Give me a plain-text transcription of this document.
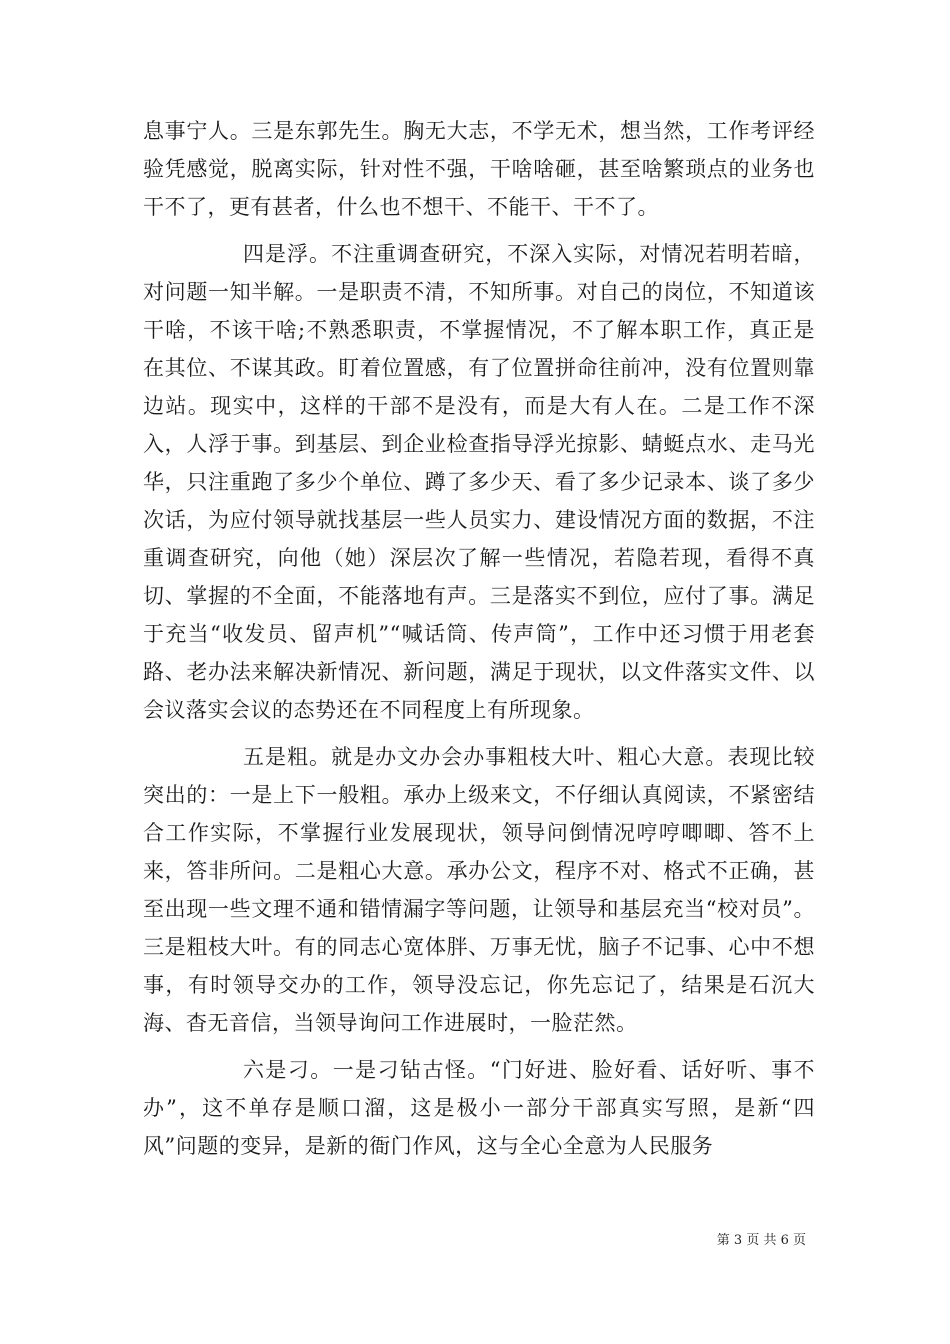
息事宁人。三是东郭先生。胸无大志，不学无术，想当然，工作考评经验凭感觉，脱离实际，针对性不强，干啥啥砸，甚至啥繁琐点的业务也干不了，更有甚者，什么也不想干、不能干、干不了。

四是浮。不注重调查研究，不深入实际，对情况若明若暗，对问题一知半解。一是职责不清，不知所事。对自己的岗位，不知道该干啥，不该干啥;不熟悉职责，不掌握情况，不了解本职工作，真正是在其位、不谋其政。盯着位置感，有了位置拼命往前冲，没有位置则靠边站。现实中，这样的干部不是没有，而是大有人在。二是工作不深入，人浮于事。到基层、到企业检查指导浮光掠影、蜻蜓点水、走马光华，只注重跑了多少个单位、蹲了多少天、看了多少记录本、谈了多少次话，为应付领导就找基层一些人员实力、建设情况方面的数据，不注重调查研究，向他（她）深层次了解一些情况，若隐若现，看得不真切、掌握的不全面，不能落地有声。三是落实不到位，应付了事。满足于充当“收发员、留声机”“喊话筒、传声筒”，工作中还习惯于用老套路、老办法来解决新情况、新问题，满足于现状，以文件落实文件、以会议落实会议的态势还在不同程度上有所现象。

五是粗。就是办文办会办事粗枝大叶、粗心大意。表现比较突出的：一是上下一般粗。承办上级来文，不仔细认真阅读，不紧密结合工作实际，不掌握行业发展现状，领导问倒情况哼哼唧唧、答不上来，答非所问。二是粗心大意。承办公文，程序不对、格式不正确，甚至出现一些文理不通和错情漏字等问题，让领导和基层充当“校对员”。三是粗枝大叶。有的同志心宽体胖、万事无忧，脑子不记事、心中不想事，有时领导交办的工作，领导没忘记，你先忘记了，结果是石沉大海、杳无音信，当领导询问工作进展时，一脸茫然。

六是刁。一是刁钻古怪。“门好进、脸好看、话好听、事不办”，这不单存是顺口溜，这是极小一部分干部真实写照，是新“四风”问题的变异，是新的衙门作风，这与全心全意为人民服务

第 3 页 共 6 页
